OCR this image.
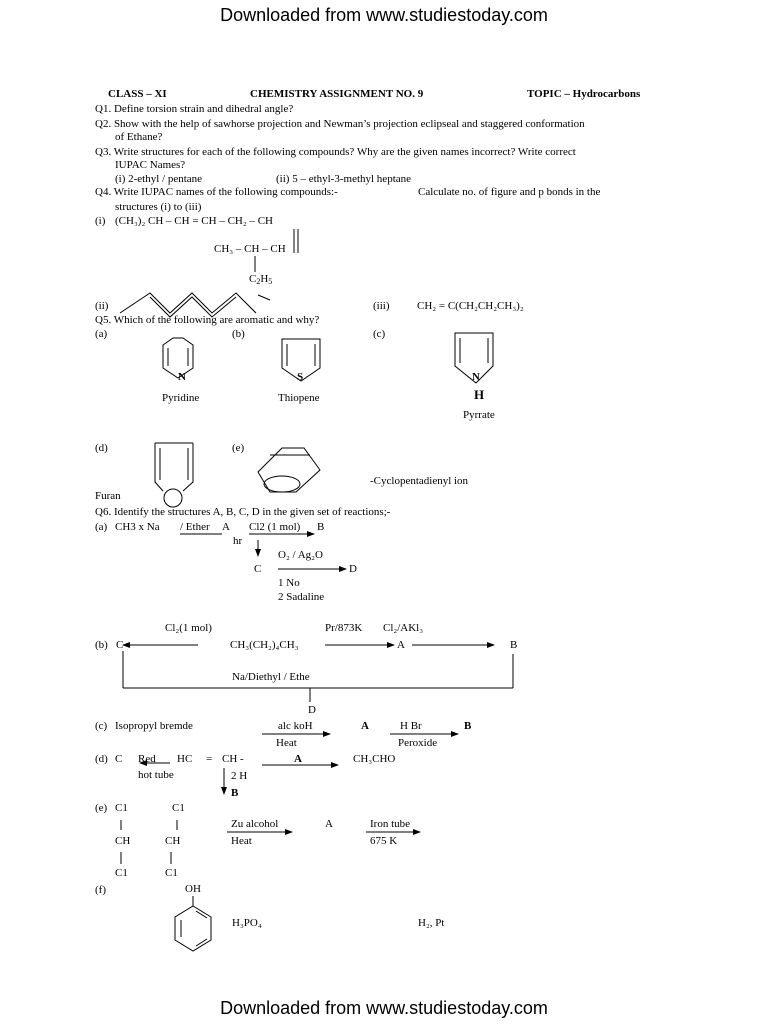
Downloaded from www.studiestoday.com
CLASS – XI	CHEMISTRY ASSIGNMENT NO. 9	TOPIC – Hydrocarbons
Q1. Define torsion strain and dihedral angle?
Q2. Show with the help of sawhorse projection and Newman’s projection eclipseal and staggered conformation
of Ethane?
Q3. Write structures for each of the following compounds? Why are the given names incorrect? Write correct
IUPAC Names?
(i) 2-ethyl / pentane	(ii) 5 – ethyl-3-methyl heptane
Q4. Write IUPAC names of the following compounds:-	Calculate no. of figure and p bonds in the
structures (i) to (iii)
(i) (CH₃)₂ CH – CH = CH – CH₂ – CH
CH₃ – CH – CH
$C_2H_5$
(ii)	(iii)	CH₂ = C(CH₂CH₂CH₃)₂
Q5. Which of the following are aromatic and why?
(a)	(b)	(c)
N	S	N
H
Pyridine	Thiopene
Pyrrate
(d)	(e)
-Cyclopentadienyl ion
Furan
Q6. Identify the structures A, B, C, D in the given set of reactions;-
(a) CH3 x Na / Ether A Cl2 (1 mol) B
hr
O₂ / Ag₂O
C	D
1 No
2 Sadaline
Cl₂(1 mol)	Pr/873K Cl₂/AKl₃
(b) C	CH₃(CH₂)₄CH₃	A	B
Na/Diethyl / Ethe
D
(c) Isopropyl bremde	alc koH
Heat
A	H Br
Peroxide
B
(d) C Red HC = CH -
hot tube
A	CH₃CHO
2 H
B
(e) C1	C1
CH	CH
C1	C1
Zu alcohol
Heat
A	Iron tube
675 K
(f)	OH
H₃PO₄	H₂, Pt
Downloaded from www.studiestoday.com
